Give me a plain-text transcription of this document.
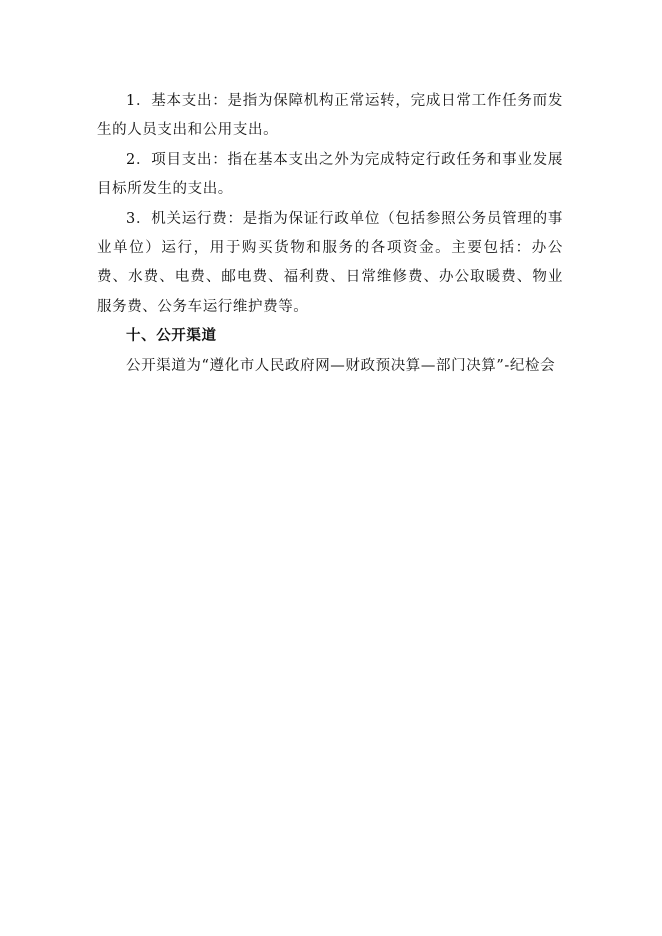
1．基本支出：是指为保障机构正常运转，完成日常工作任务而发生的人员支出和公用支出。

2．项目支出：指在基本支出之外为完成特定行政任务和事业发展目标所发生的支出。

3．机关运行费：是指为保证行政单位（包括参照公务员管理的事业单位）运行，用于购买货物和服务的各项资金。主要包括：办公费、水费、电费、邮电费、福利费、日常维修费、办公取暖费、物业服务费、公务车运行维护费等。

十、公开渠道

公开渠道为“遵化市人民政府网—财政预决算—部门决算”-纪检会
